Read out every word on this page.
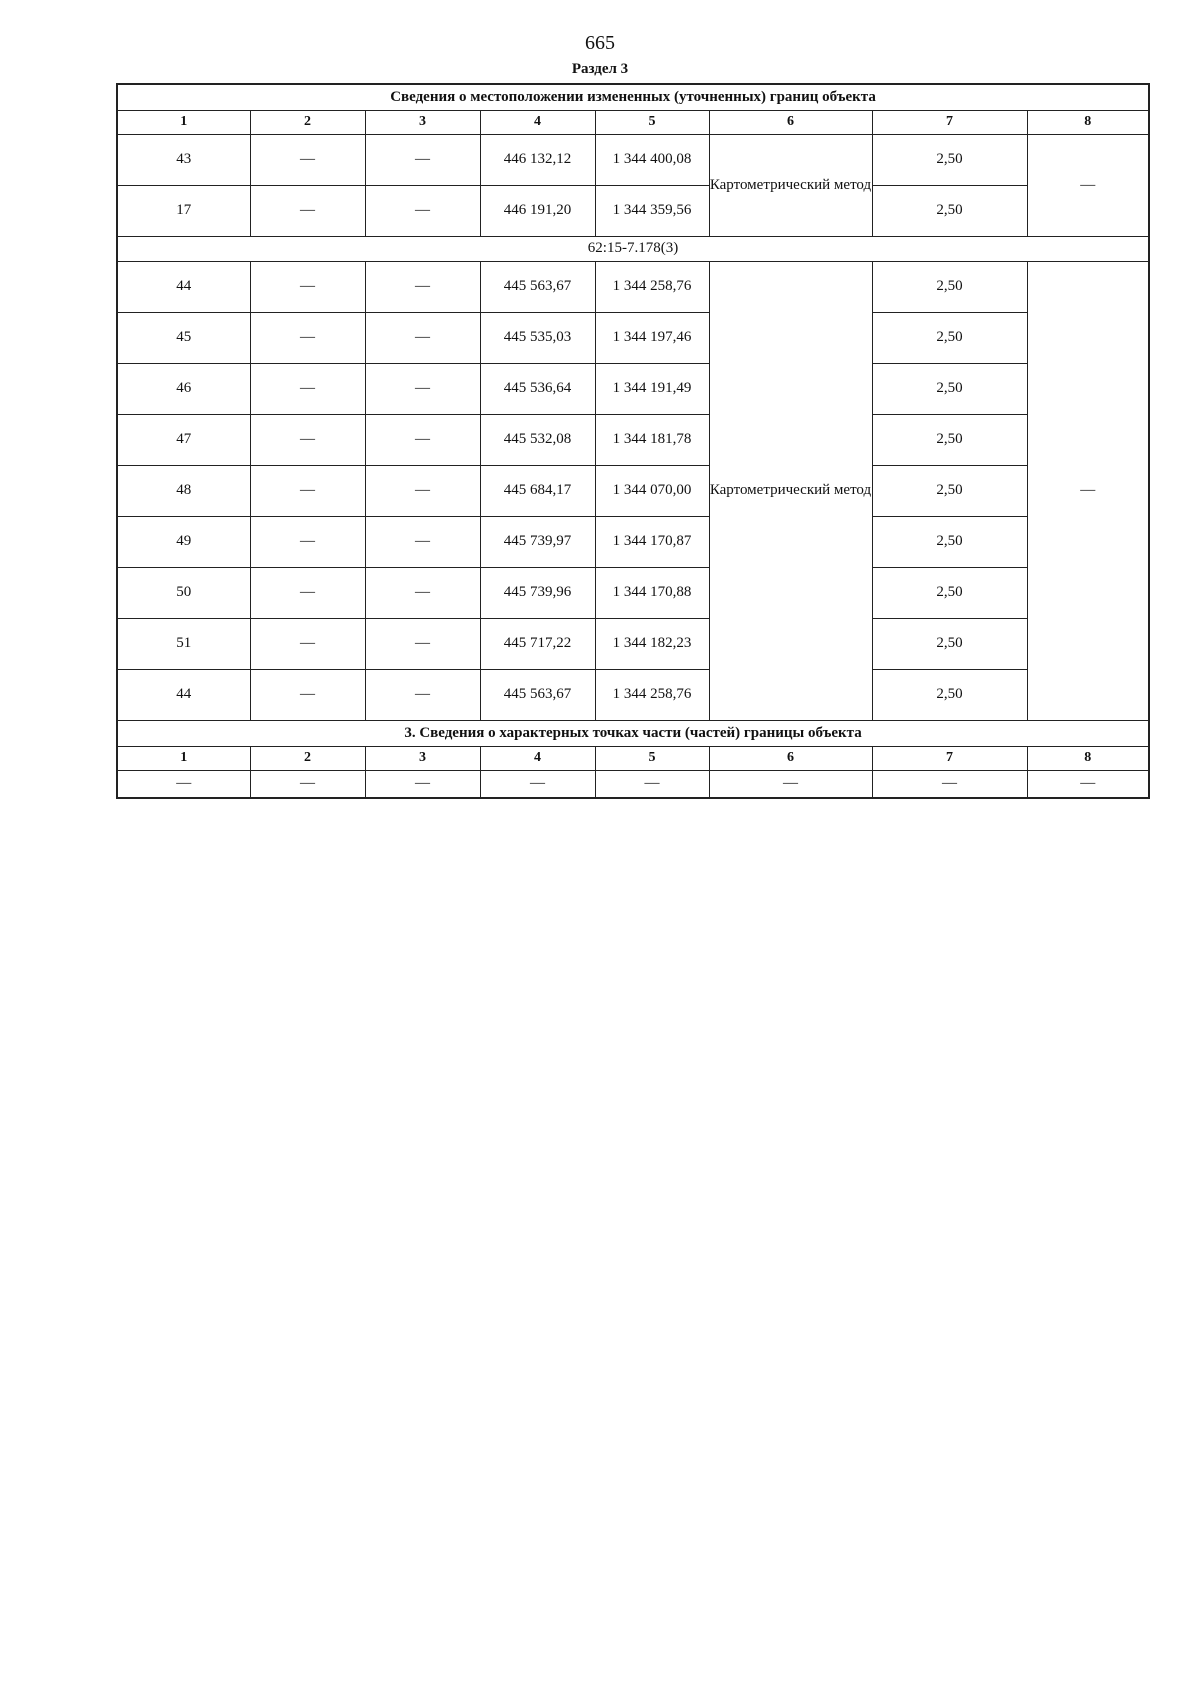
665
Раздел 3
Сведения о местоположении измененных (уточненных) границ объекта							
1	2	3	4	5	6	7	8
43	—	—	446 132,12	1 344 400,08	Картометрический метод	2,50	—
17	—	—	446 191,20	1 344 359,56		2,50	
62:15-7.178(3)							
44	—	—	445 563,67	1 344 258,76	Картометрический метод	2,50	—
45	—	—	445 535,03	1 344 197,46		2,50	
46	—	—	445 536,64	1 344 191,49		2,50	
47	—	—	445 532,08	1 344 181,78		2,50	
48	—	—	445 684,17	1 344 070,00		2,50	
49	—	—	445 739,97	1 344 170,87		2,50	
50	—	—	445 739,96	1 344 170,88		2,50	
51	—	—	445 717,22	1 344 182,23		2,50	
44	—	—	445 563,67	1 344 258,76		2,50	
3. Сведения о характерных точках части (частей) границы объекта							
1	2	3	4	5	6	7	8
—	—	—	—	—	—	—	—
